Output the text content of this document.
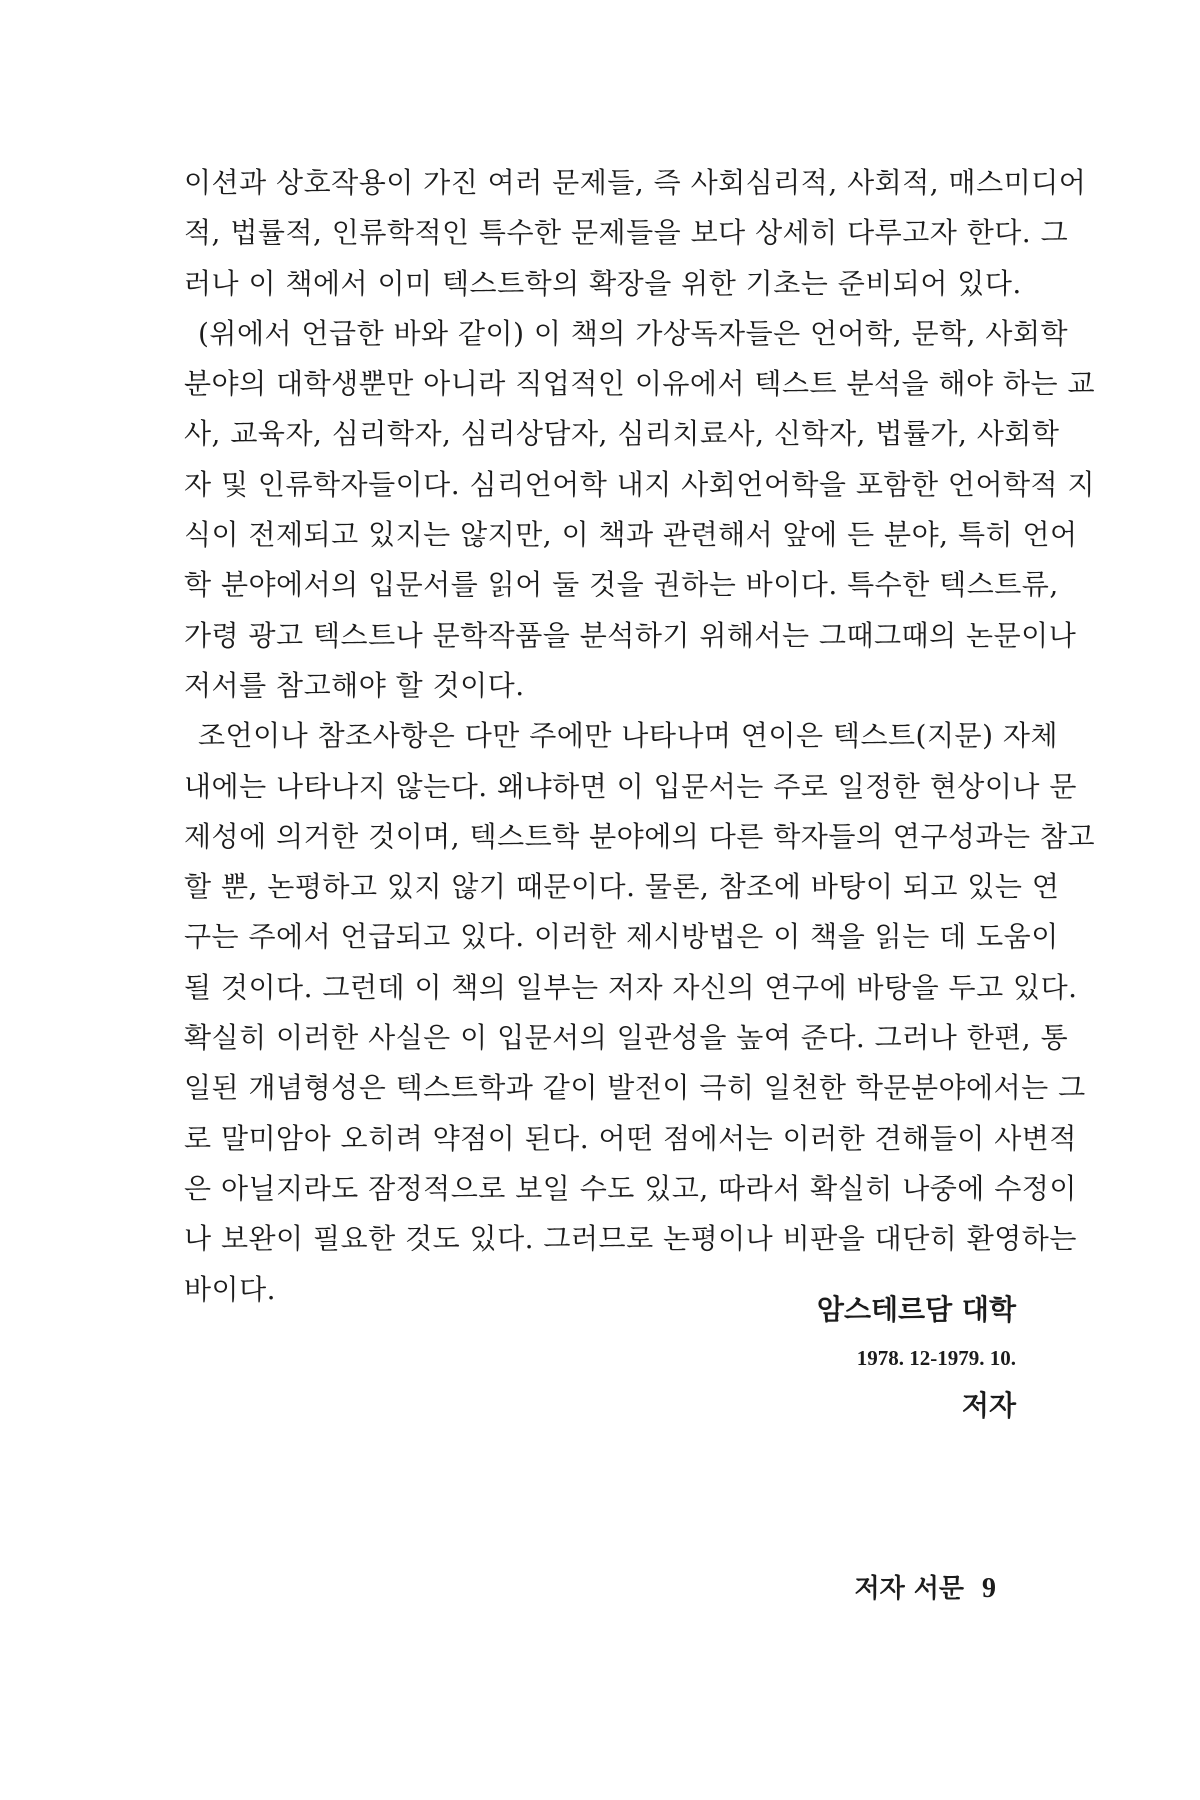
이션과 상호작용이 가진 여러 문제들, 즉 사회심리적, 사회적, 매스미디어
적, 법률적, 인류학적인 특수한 문제들을 보다 상세히 다루고자 한다. 그
러나 이 책에서 이미 텍스트학의 확장을 위한 기초는 준비되어 있다.
(위에서 언급한 바와 같이) 이 책의 가상독자들은 언어학, 문학, 사회학
분야의 대학생뿐만 아니라 직업적인 이유에서 텍스트 분석을 해야 하는 교
사, 교육자, 심리학자, 심리상담자, 심리치료사, 신학자, 법률가, 사회학
자 및 인류학자들이다. 심리언어학 내지 사회언어학을 포함한 언어학적 지
식이 전제되고 있지는 않지만, 이 책과 관련해서 앞에 든 분야, 특히 언어
학 분야에서의 입문서를 읽어 둘 것을 권하는 바이다. 특수한 텍스트류,
가령 광고 텍스트나 문학작품을 분석하기 위해서는 그때그때의 논문이나
저서를 참고해야 할 것이다.
조언이나 참조사항은 다만 주에만 나타나며 연이은 텍스트(지문) 자체
내에는 나타나지 않는다. 왜냐하면 이 입문서는 주로 일정한 현상이나 문
제성에 의거한 것이며, 텍스트학 분야에의 다른 학자들의 연구성과는 참고
할 뿐, 논평하고 있지 않기 때문이다. 물론, 참조에 바탕이 되고 있는 연
구는 주에서 언급되고 있다. 이러한 제시방법은 이 책을 읽는 데 도움이
될 것이다. 그런데 이 책의 일부는 저자 자신의 연구에 바탕을 두고 있다.
확실히 이러한 사실은 이 입문서의 일관성을 높여 준다. 그러나 한편, 통
일된 개념형성은 텍스트학과 같이 발전이 극히 일천한 학문분야에서는 그
로 말미암아 오히려 약점이 된다. 어떤 점에서는 이러한 견해들이 사변적
은 아닐지라도 잠정적으로 보일 수도 있고, 따라서 확실히 나중에 수정이
나 보완이 필요한 것도 있다. 그러므로 논평이나 비판을 대단히 환영하는
바이다.
암스테르담 대학
1978. 12-1979. 10.
저자
저자 서문 9
